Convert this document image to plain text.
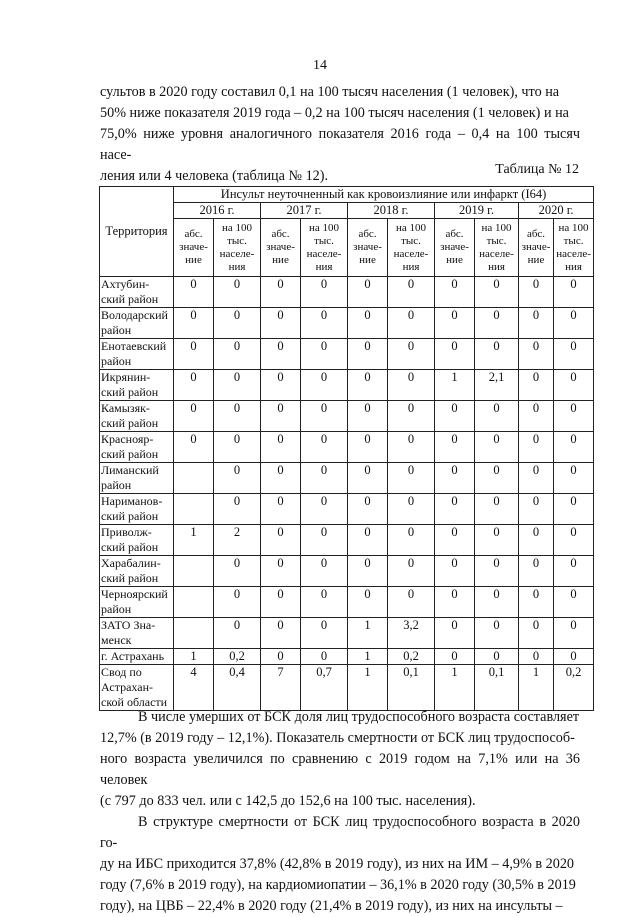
14
сультов в 2020 году составил 0,1 на 100 тысяч населения (1 человек), что на
50% ниже показателя 2019 года – 0,2 на 100 тысяч населения (1 человек) и на
75,0% ниже уровня аналогичного показателя 2016 года – 0,4 на 100 тысяч насе-
ления или 4 человека (таблица № 12).	Таблица № 12
Территория	Инсульт неуточненный как кровоизлияние или инфаркт (I64)									
	2016 г.		2017 г.		2018 г.		2019 г.		2020 г.	
	абс. значе-ние	на 100 тыс. населе-ния	абс. значе-ние	на 100 тыс. населе-ния	абс. значе-ние	на 100 тыс. населе-ния	абс. значе-ние	на 100 тыс. населе-ния	абс. значе-ние	на 100 тыс. населе-ния
Ахтубин-ский район	0	0	0	0	0	0	0	0	0	0
Володарский район	0	0	0	0	0	0	0	0	0	0
Енотаевский район	0	0	0	0	0	0	0	0	0	0
Икрянин-ский район	0	0	0	0	0	0	1	2,1	0	0
Камызяк-ский район	0	0	0	0	0	0	0	0	0	0
Краснояр-ский район	0	0	0	0	0	0	0	0	0	0
Лиманский район		0	0	0	0	0	0	0	0	0
Нариманов-ский район		0	0	0	0	0	0	0	0	0
Приволж-ский район	1	2	0	0	0	0	0	0	0	0
Харабалин-ский район		0	0	0	0	0	0	0	0	0
Черноярский район		0	0	0	0	0	0	0	0	0
ЗАТО Зна-менск		0	0	0	1	3,2	0	0	0	0
г. Астрахань	1	0,2	0	0	1	0,2	0	0	0	0
Свод по Астрахан-ской области	4	0,4	7	0,7	1	0,1	1	0,1	1	0,2
В числе умерших от БСК доля лиц трудоспособного возраста составляет
12,7% (в 2019 году – 12,1%). Показатель смертности от БСК лиц трудоспособ-
ного возраста увеличился по сравнению с 2019 годом на 7,1% или на 36 человек
(с 797 до 833 чел. или с 142,5 до 152,6 на 100 тыс. населения).
В структуре смертности от БСК лиц трудоспособного возраста в 2020 го-
ду на ИБС приходится 37,8% (42,8% в 2019 году), из них на ИМ – 4,9% в 2020
году (7,6% в 2019 году), на кардиомиопатии – 36,1% в 2020 году (30,5% в 2019
году), на ЦВБ – 22,4% в 2020 году (21,4% в 2019 году), из них на инсульты –
